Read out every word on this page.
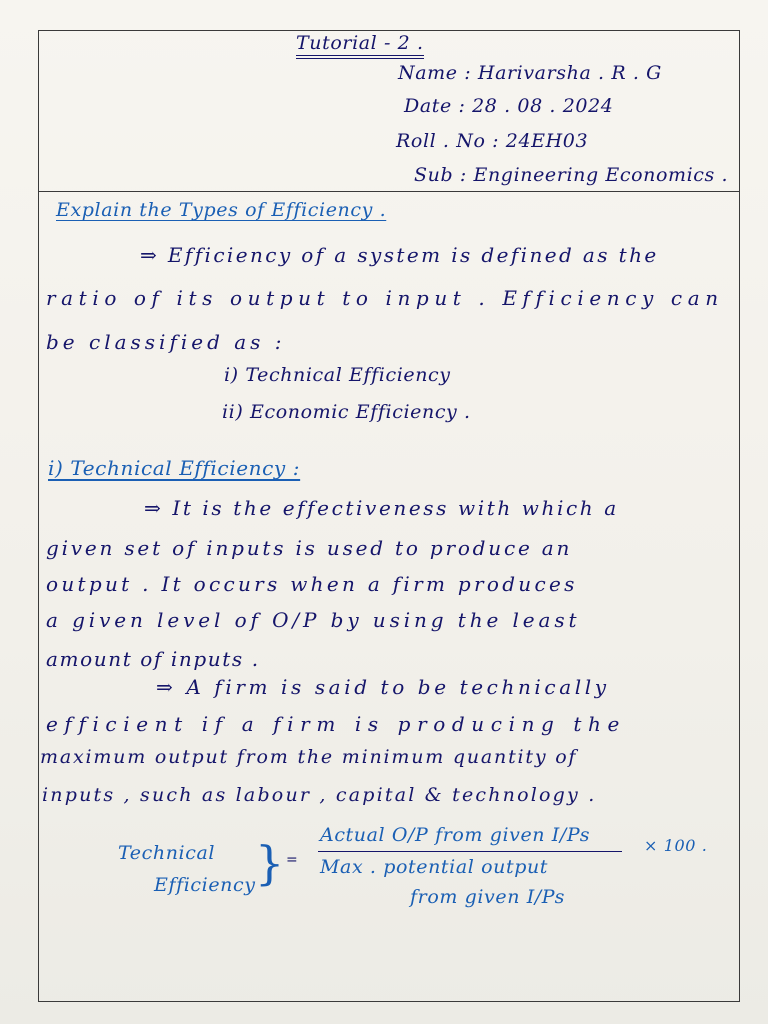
Tutorial - 2 .
Name : Harivarsha . R . G
Date : 28 . 08 . 2024
Roll . No : 24EH03
Sub : Engineering Economics .
Explain the Types of Efficiency .
⇒ Efficiency of a system is defined as the
ratio of its output to input . Efficiency can
be classified as :
i) Technical Efficiency
ii) Economic Efficiency .
i) Technical Efficiency :
⇒ It is the effectiveness with which a
given set of inputs is used to produce an
output . It occurs when a firm produces
a given level of O/P by using the least
amount of inputs .
⇒ A firm is said to be technically
efficient if a firm is producing the
maximum output from the minimum quantity of
inputs , such as labour , capital & technology .
Technical
Efficiency } =
Actual O/P from given I/Ps	× 100 .
Max . potential output
from given I/Ps
